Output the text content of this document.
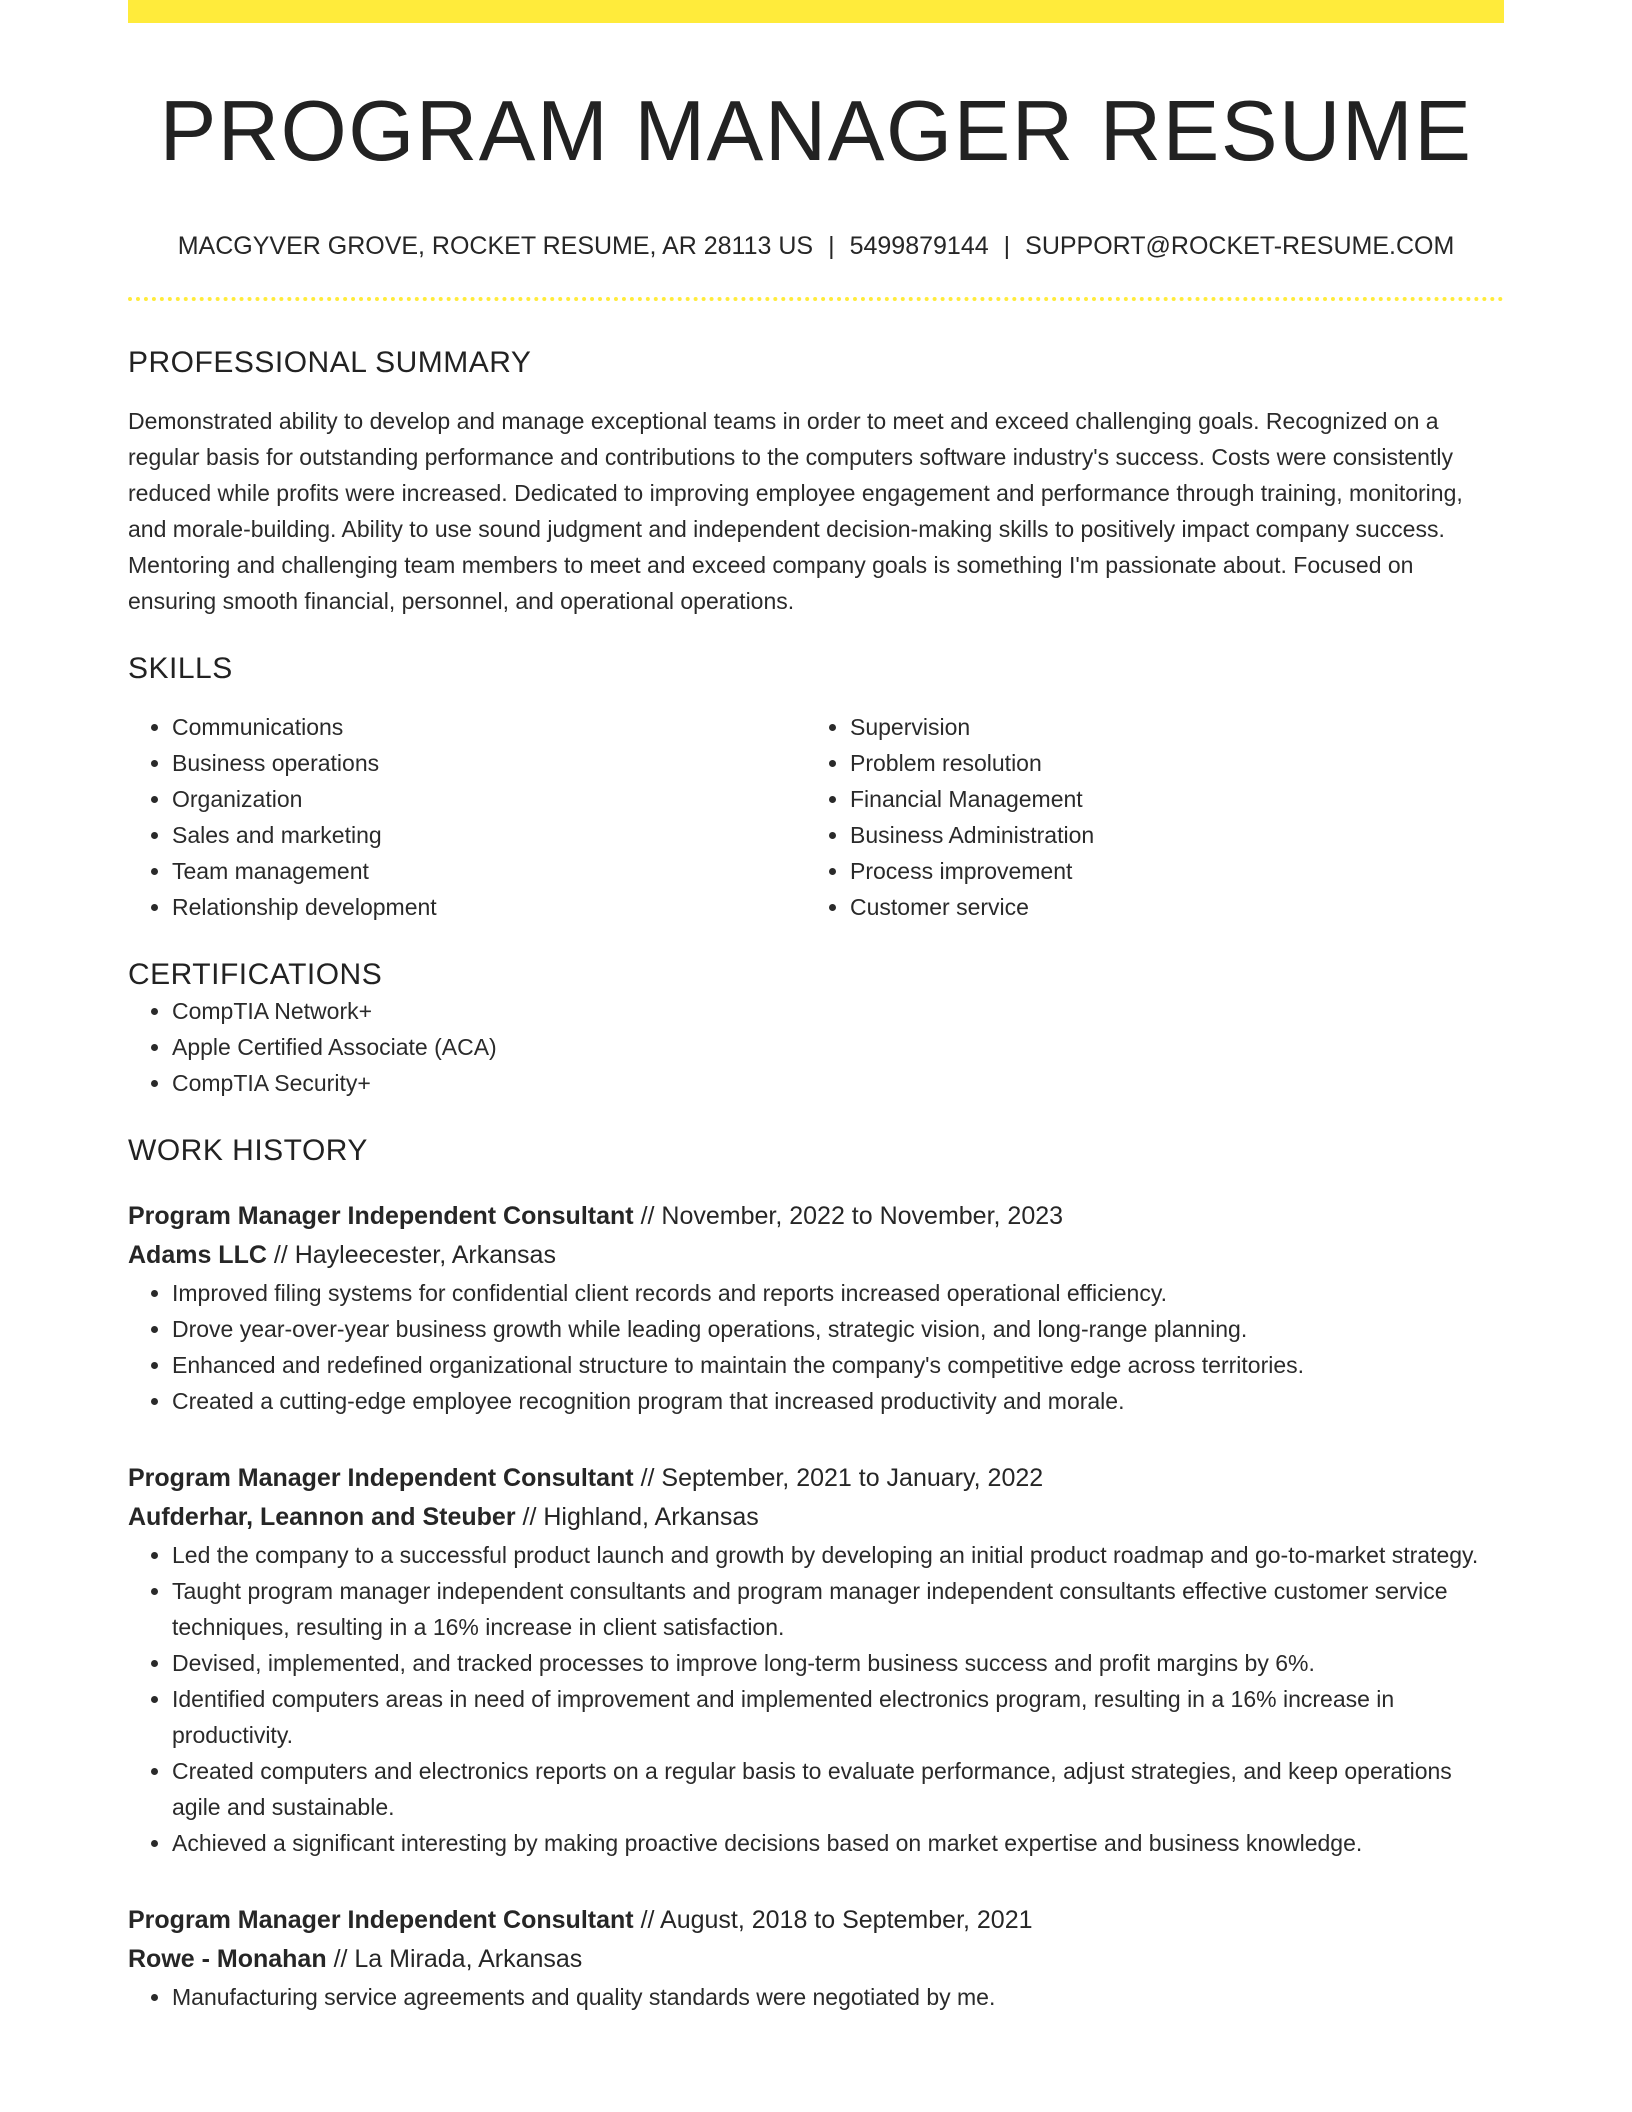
PROGRAM MANAGER RESUME
MACGYVER GROVE, ROCKET RESUME, AR 28113 US | 5499879144 | SUPPORT@ROCKET-RESUME.COM
PROFESSIONAL SUMMARY

Demonstrated ability to develop and manage exceptional teams in order to meet and exceed challenging goals. Recognized on a regular basis for outstanding performance and contributions to the computers software industry's success. Costs were consistently reduced while profits were increased. Dedicated to improving employee engagement and performance through training, monitoring, and morale-building. Ability to use sound judgment and independent decision-making skills to positively impact company success. Mentoring and challenging team members to meet and exceed company goals is something I'm passionate about. Focused on ensuring smooth financial, personnel, and operational operations.

SKILLS
• Communications
• Business operations
• Organization
• Sales and marketing
• Team management
• Relationship development
• Supervision
• Problem resolution
• Financial Management
• Business Administration
• Process improvement
• Customer service
CERTIFICATIONS
• CompTIA Network+
• Apple Certified Associate (ACA)
• CompTIA Security+
WORK HISTORY
Program Manager Independent Consultant // November, 2022 to November, 2023
Adams LLC // Hayleecester, Arkansas
• Improved filing systems for confidential client records and reports increased operational efficiency.
• Drove year-over-year business growth while leading operations, strategic vision, and long-range planning.
• Enhanced and redefined organizational structure to maintain the company's competitive edge across territories.
• Created a cutting-edge employee recognition program that increased productivity and morale.
Program Manager Independent Consultant // September, 2021 to January, 2022
Aufderhar, Leannon and Steuber // Highland, Arkansas
• Led the company to a successful product launch and growth by developing an initial product roadmap and go-to-market strategy.
• Taught program manager independent consultants and program manager independent consultants effective customer service techniques, resulting in a 16% increase in client satisfaction.
• Devised, implemented, and tracked processes to improve long-term business success and profit margins by 6%.
• Identified computers areas in need of improvement and implemented electronics program, resulting in a 16% increase in productivity.
• Created computers and electronics reports on a regular basis to evaluate performance, adjust strategies, and keep operations agile and sustainable.
• Achieved a significant interesting by making proactive decisions based on market expertise and business knowledge.
Program Manager Independent Consultant // August, 2018 to September, 2021
Rowe - Monahan // La Mirada, Arkansas
• Manufacturing service agreements and quality standards were negotiated by me.
